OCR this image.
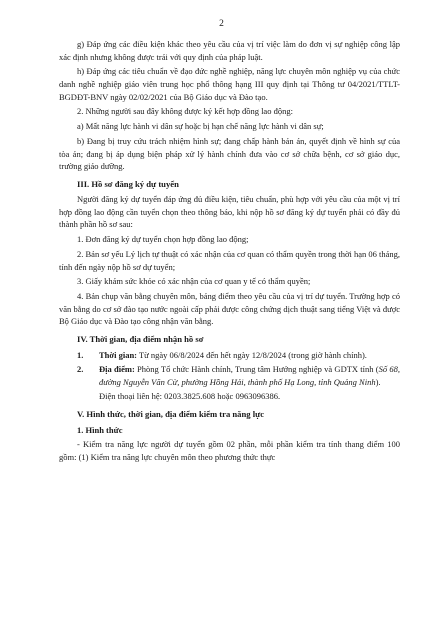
2

g) Đáp ứng các điều kiện khác theo yêu cầu của vị trí việc làm do đơn vị sự nghiệp công lập xác định nhưng không được trái với quy định của pháp luật.

h) Đáp ứng các tiêu chuẩn về đạo đức nghề nghiệp, năng lực chuyên môn nghiệp vụ của chức danh nghề nghiệp giáo viên trung học phổ thông hạng III quy định tại Thông tư 04/2021/TTLT-BGDĐT-BNV ngày 02/02/2021 của Bộ Giáo dục và Đào tạo.

2. Những người sau đây không được ký kết hợp đồng lao động:

a) Mất năng lực hành vi dân sự hoặc bị hạn chế năng lực hành vi dân sự;

b) Đang bị truy cứu trách nhiệm hình sự; đang chấp hành bản án, quyết định về hình sự của tòa án; đang bị áp dụng biện pháp xử lý hành chính đưa vào cơ sở chữa bệnh, cơ sở giáo dục, trường giáo dưỡng.

III. Hồ sơ đăng ký dự tuyển

Người đăng ký dự tuyển đáp ứng đủ điều kiện, tiêu chuẩn, phù hợp với yêu cầu của một vị trí hợp đồng lao động cần tuyển chọn theo thông báo, khi nộp hồ sơ đăng ký dự tuyển phải có đầy đủ thành phần hồ sơ sau:

1. Đơn đăng ký dự tuyển chọn hợp đồng lao động;

2. Bản sơ yếu Lý lịch tự thuật có xác nhận của cơ quan có thẩm quyền trong thời hạn 06 tháng, tính đến ngày nộp hồ sơ dự tuyển;

3. Giấy khám sức khỏe có xác nhận của cơ quan y tế có thẩm quyền;

4. Bản chụp văn bằng chuyên môn, bảng điểm theo yêu cầu của vị trí dự tuyển. Trường hợp có văn bằng do cơ sở đào tạo nước ngoài cấp phải được công chứng dịch thuật sang tiếng Việt và được Bộ Giáo dục và Đào tạo công nhận văn bằng.

IV. Thời gian, địa điểm nhận hồ sơ
1. Thời gian: Từ ngày 06/8/2024 đến hết ngày 12/8/2024 (trong giờ hành chính).
2. Địa điểm: Phòng Tổ chức Hành chính, Trung tâm Hướng nghiệp và GDTX tỉnh (Số 68, đường Nguyễn Văn Cừ, phường Hồng Hải, thành phố Hạ Long, tỉnh Quảng Ninh).

Điện thoại liên hệ: 0203.3825.608 hoặc 0963096386.

V. Hình thức, thời gian, địa điểm kiểm tra năng lực
1. Hình thức

- Kiểm tra năng lực người dự tuyển gồm 02 phần, mỗi phần kiểm tra tính thang điểm 100 gồm: (1) Kiểm tra năng lực chuyên môn theo phương thức thực
